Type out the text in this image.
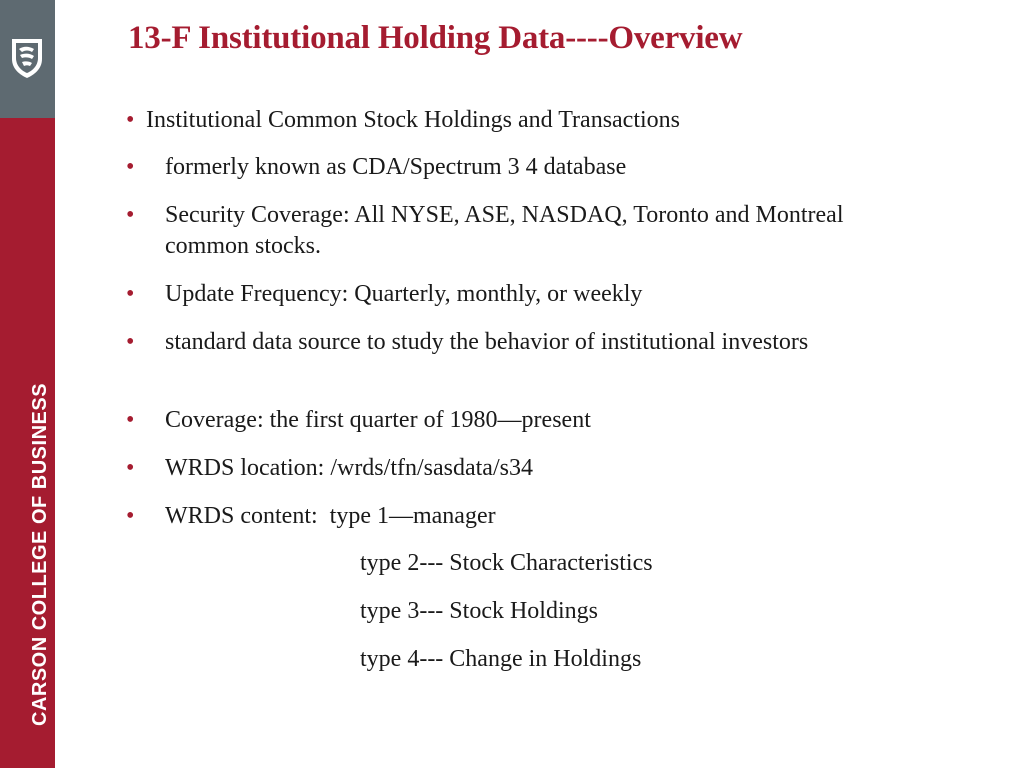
CARSON COLLEGE OF BUSINESS
13-F Institutional Holding Data----Overview
• Institutional Common Stock Holdings and Transactions
•	formerly known as CDA/Spectrum 3 4 database
•	Security Coverage: All NYSE, ASE, NASDAQ, Toronto and Montreal common stocks.
•	Update Frequency: Quarterly, monthly, or weekly
•	standard data source to study the behavior of institutional investors
•	Coverage: the first quarter of 1980—present
•	WRDS location: /wrds/tfn/sasdata/s34
•	WRDS content:  type 1—manager
type 2--- Stock Characteristics
type 3--- Stock Holdings
type 4--- Change in Holdings
